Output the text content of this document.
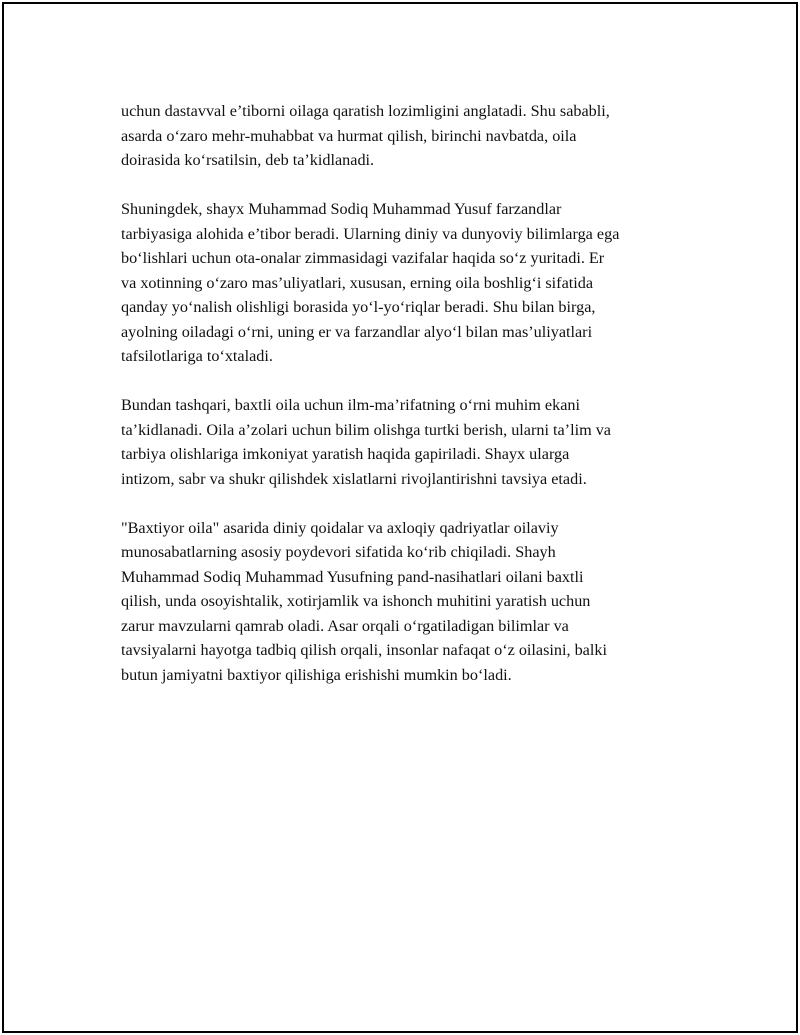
uchun dastavval e’tiborni oilaga qaratish lozimligini anglatadi. Shu sababli,
asarda o‘zaro mehr-muhabbat va hurmat qilish, birinchi navbatda, oila
doirasida ko‘rsatilsin, deb ta’kidlanadi.

Shuningdek, shayx Muhammad Sodiq Muhammad Yusuf farzandlar
tarbiyasiga alohida e’tibor beradi. Ularning diniy va dunyoviy bilimlarga ega
bo‘lishlari uchun ota-onalar zimmasidagi vazifalar haqida so‘z yuritadi. Er
va xotinning o‘zaro mas’uliyatlari, xususan, erning oila boshlig‘i sifatida
qanday yo‘nalish olishligi borasida yo‘l-yo‘riqlar beradi. Shu bilan birga,
ayolning oiladagi o‘rni, uning er va farzandlar alyo‘l bilan mas’uliyatlari
tafsilotlariga to‘xtaladi.

Bundan tashqari, baxtli oila uchun ilm-ma’rifatning o‘rni muhim ekani
ta’kidlanadi. Oila a’zolari uchun bilim olishga turtki berish, ularni ta’lim va
tarbiya olishlariga imkoniyat yaratish haqida gapiriladi. Shayx ularga
intizom, sabr va shukr qilishdek xislatlarni rivojlantirishni tavsiya etadi.

"Baxtiyor oila" asarida diniy qoidalar va axloqiy qadriyatlar oilaviy
munosabatlarning asosiy poydevori sifatida ko‘rib chiqiladi. Shayh
Muhammad Sodiq Muhammad Yusufning pand-nasihatlari oilani baxtli
qilish, unda osoyishtalik, xotirjamlik va ishonch muhitini yaratish uchun
zarur mavzularni qamrab oladi. Asar orqali o‘rgatiladigan bilimlar va
tavsiyalarni hayotga tadbiq qilish orqali, insonlar nafaqat o‘z oilasini, balki
butun jamiyatni baxtiyor qilishiga erishishi mumkin bo‘ladi.
